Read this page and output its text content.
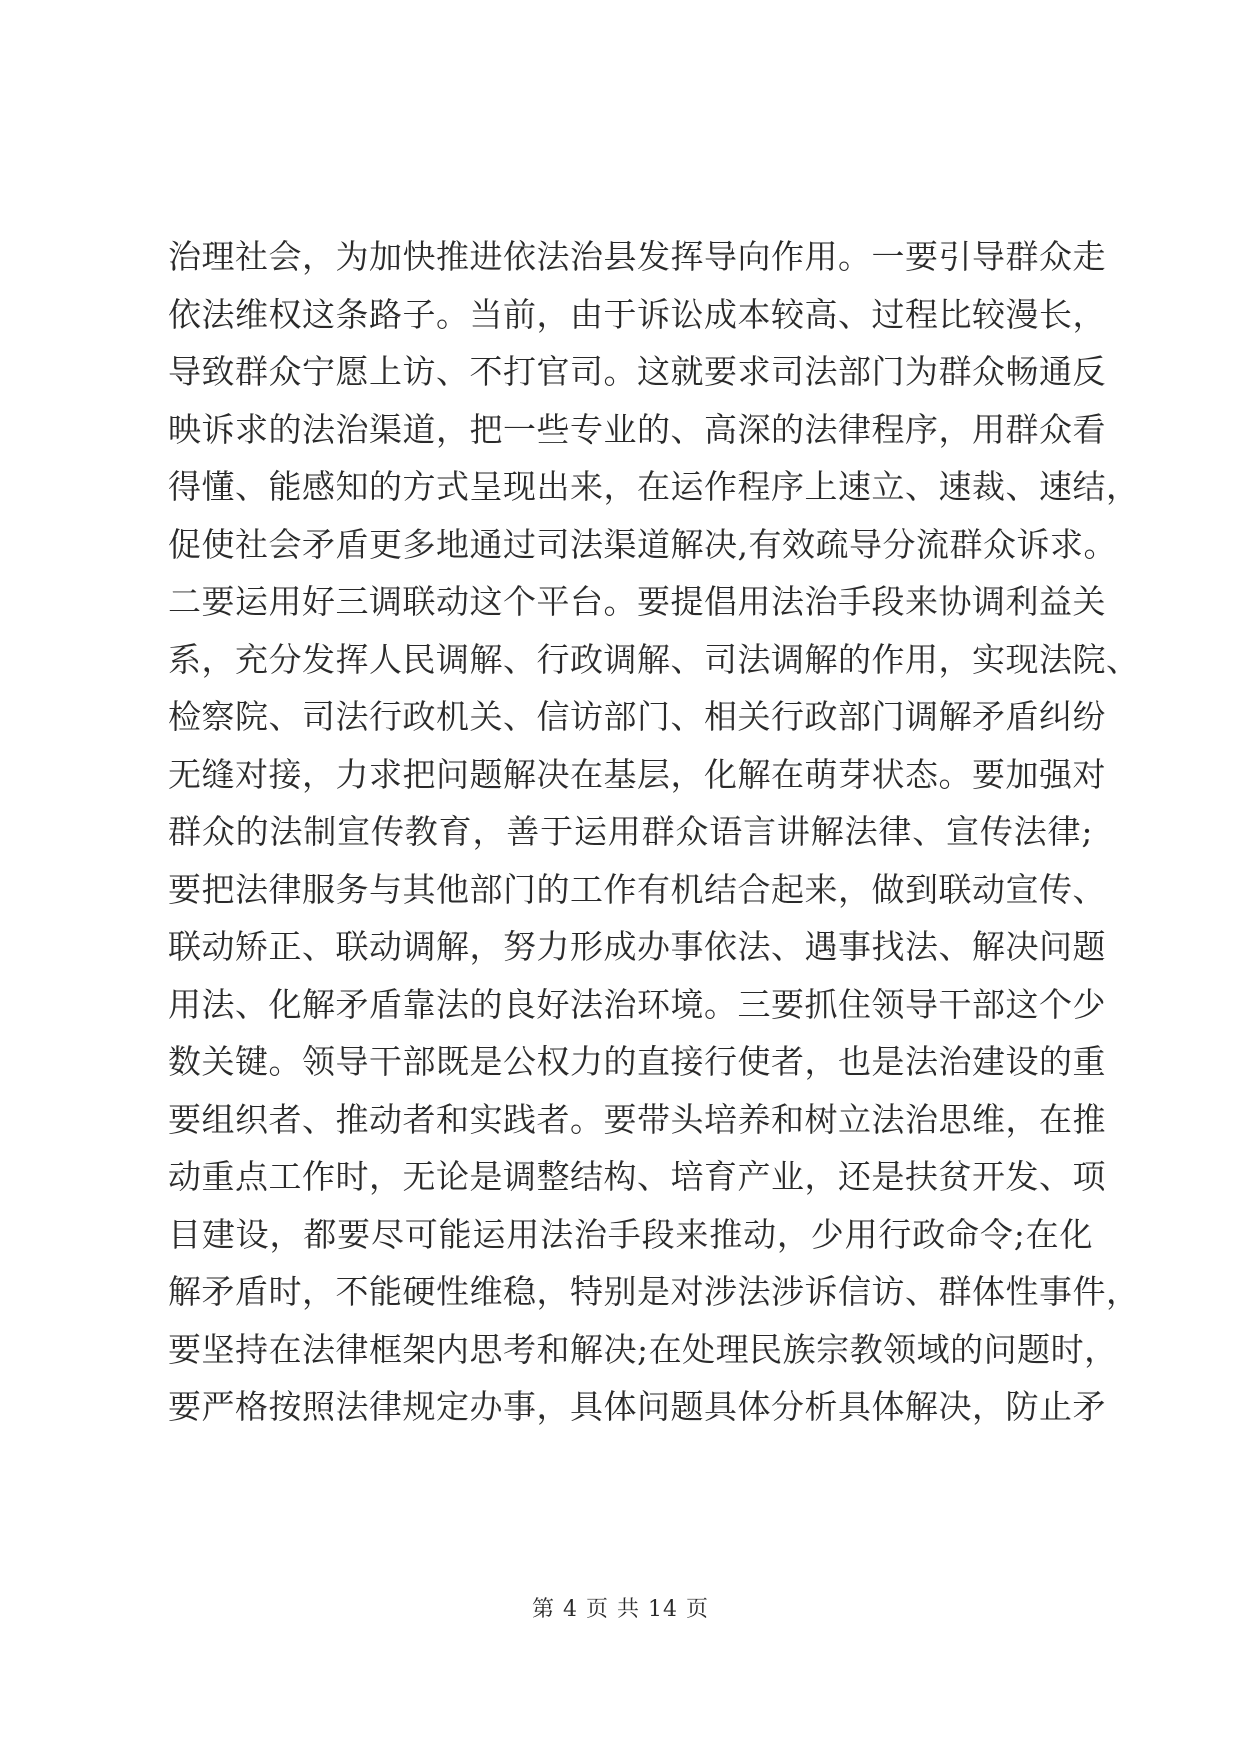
治理社会，为加快推进依法治县发挥导向作用。一要引导群众走
依法维权这条路子。当前，由于诉讼成本较高、过程比较漫长，
导致群众宁愿上访、不打官司。这就要求司法部门为群众畅通反
映诉求的法治渠道，把一些专业的、高深的法律程序，用群众看
得懂、能感知的方式呈现出来，在运作程序上速立、速裁、速结，
促使社会矛盾更多地通过司法渠道解决,有效疏导分流群众诉求。
二要运用好三调联动这个平台。要提倡用法治手段来协调利益关
系，充分发挥人民调解、行政调解、司法调解的作用，实现法院、
检察院、司法行政机关、信访部门、相关行政部门调解矛盾纠纷
无缝对接，力求把问题解决在基层，化解在萌芽状态。要加强对
群众的法制宣传教育，善于运用群众语言讲解法律、宣传法律;
要把法律服务与其他部门的工作有机结合起来，做到联动宣传、
联动矫正、联动调解，努力形成办事依法、遇事找法、解决问题
用法、化解矛盾靠法的良好法治环境。三要抓住领导干部这个少
数关键。领导干部既是公权力的直接行使者，也是法治建设的重
要组织者、推动者和实践者。要带头培养和树立法治思维，在推
动重点工作时，无论是调整结构、培育产业，还是扶贫开发、项
目建设，都要尽可能运用法治手段来推动，少用行政命令;在化
解矛盾时，不能硬性维稳，特别是对涉法涉诉信访、群体性事件，
要坚持在法律框架内思考和解决;在处理民族宗教领域的问题时，
要严格按照法律规定办事，具体问题具体分析具体解决，防止矛
第 4 页 共 14 页
